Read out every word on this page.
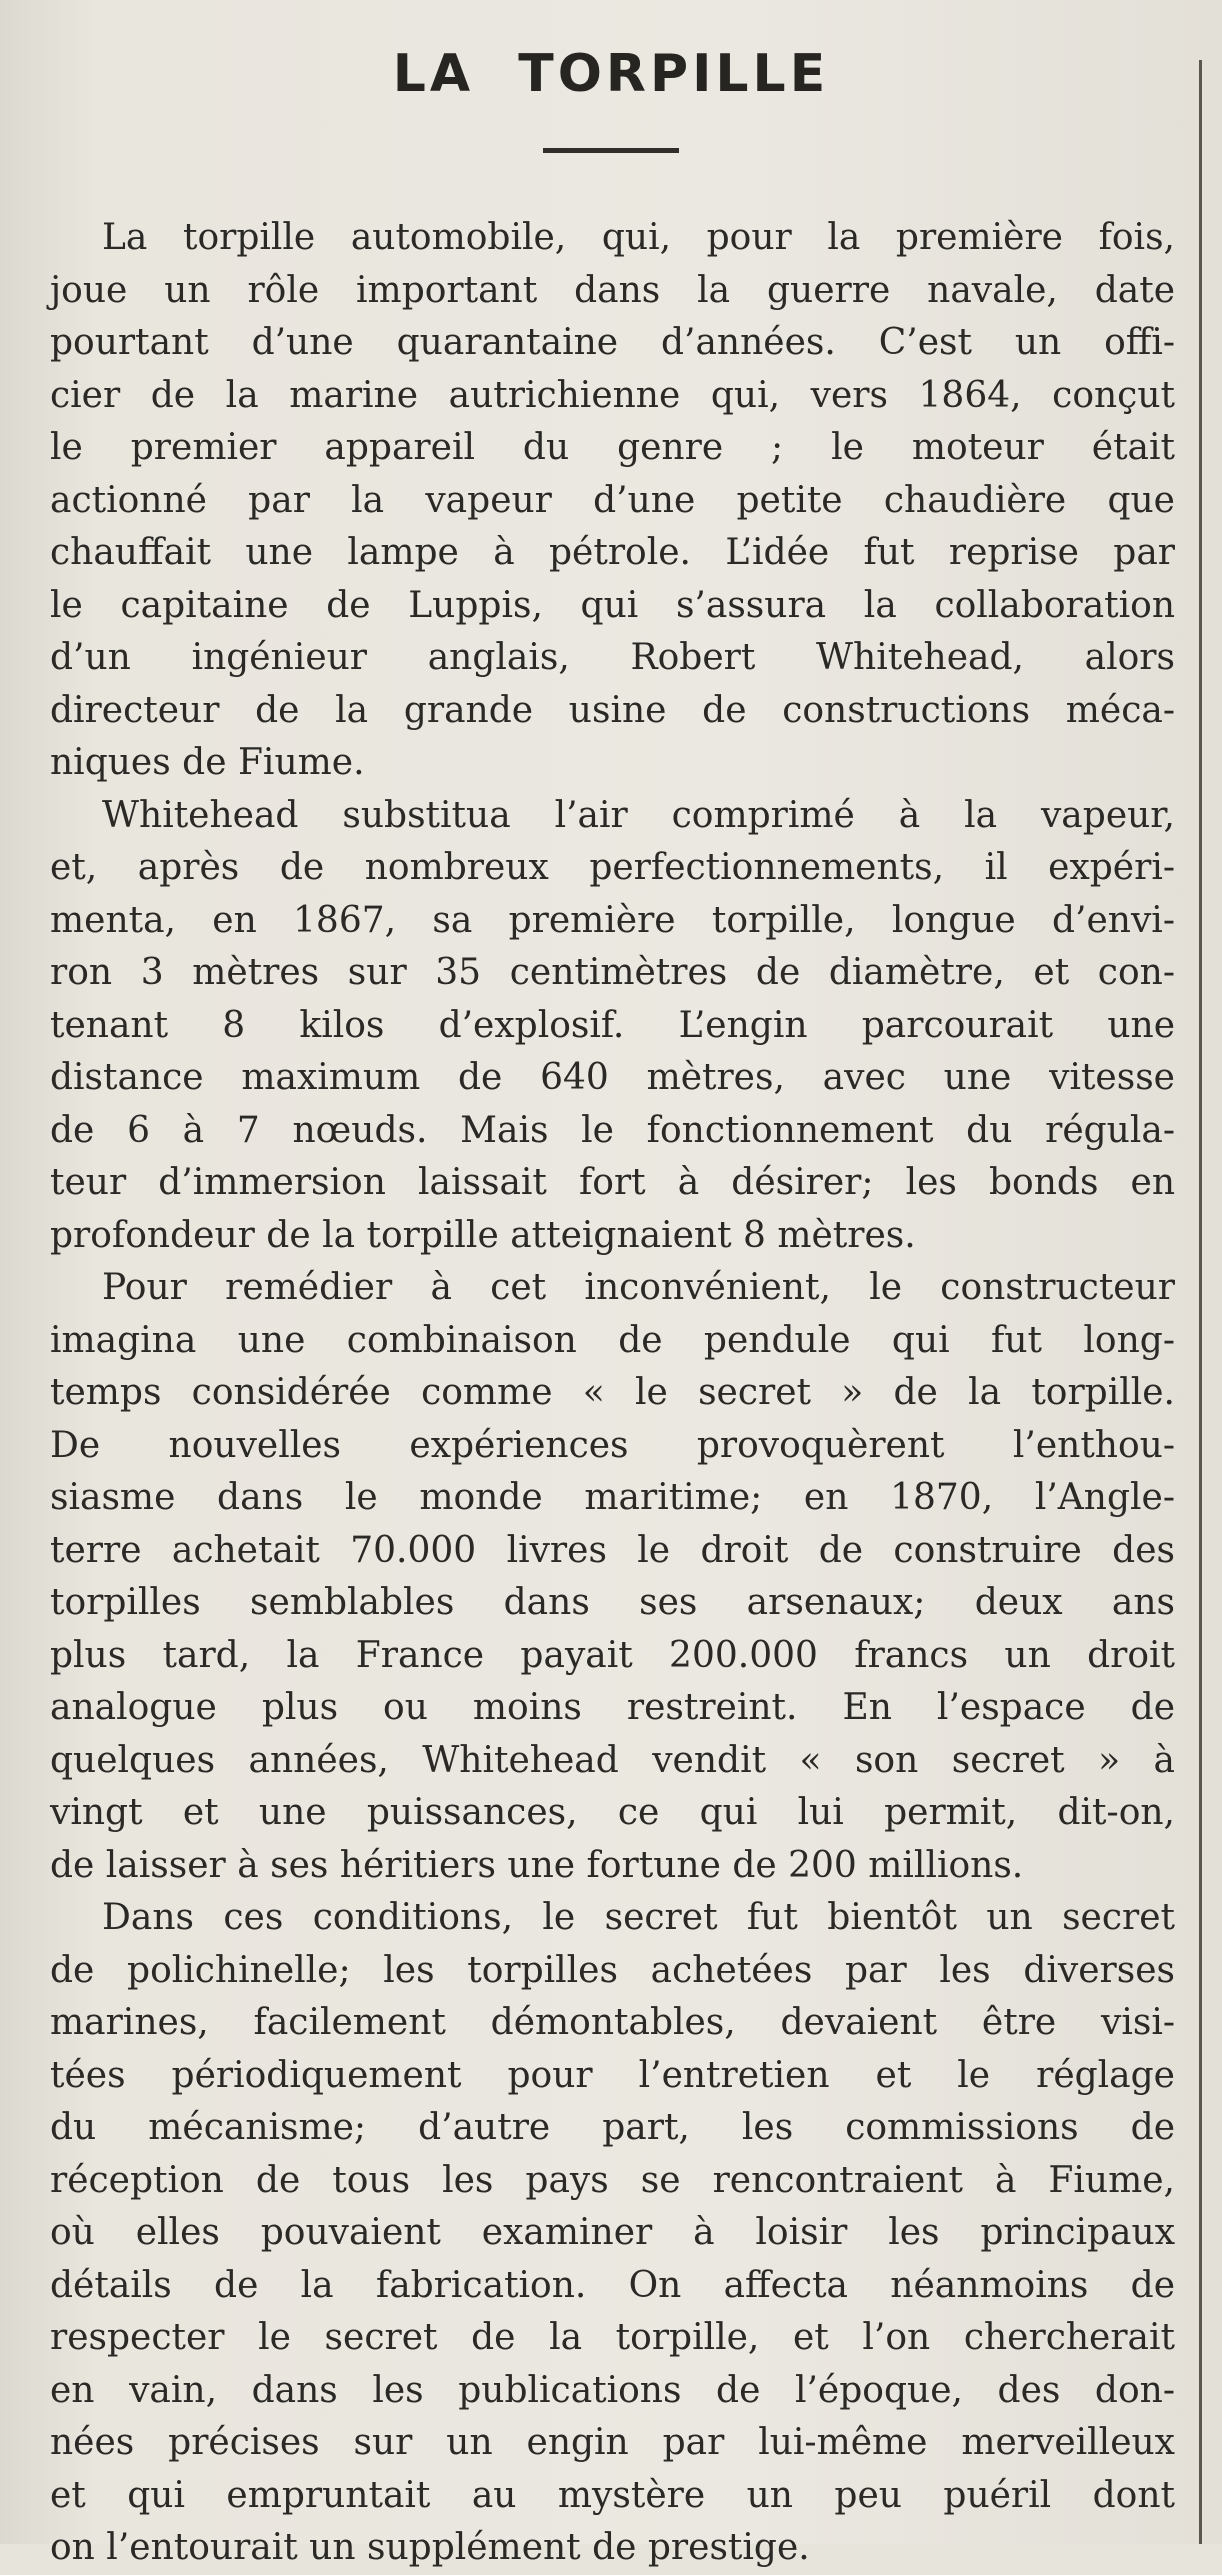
LA TORPILLE
La torpille automobile, qui, pour la première fois,
joue un rôle important dans la guerre navale, date
pourtant d’une quarantaine d’années. C’est un offi-
cier de la marine autrichienne qui, vers 1864, conçut
le premier appareil du genre ; le moteur était
actionné par la vapeur d’une petite chaudière que
chauffait une lampe à pétrole. L’idée fut reprise par
le capitaine de Luppis, qui s’assura la collaboration
d’un ingénieur anglais, Robert Whitehead, alors
directeur de la grande usine de constructions méca-
niques de Fiume.
Whitehead substitua l’air comprimé à la vapeur,
et, après de nombreux perfectionnements, il expéri-
menta, en 1867, sa première torpille, longue d’envi-
ron 3 mètres sur 35 centimètres de diamètre, et con-
tenant 8 kilos d’explosif. L’engin parcourait une
distance maximum de 640 mètres, avec une vitesse
de 6 à 7 nœuds. Mais le fonctionnement du régula-
teur d’immersion laissait fort à désirer; les bonds en
profondeur de la torpille atteignaient 8 mètres.
Pour remédier à cet inconvénient, le constructeur
imagina une combinaison de pendule qui fut long-
temps considérée comme « le secret » de la torpille.
De nouvelles expériences provoquèrent l’enthou-
siasme dans le monde maritime; en 1870, l’Angle-
terre achetait 70.000 livres le droit de construire des
torpilles semblables dans ses arsenaux; deux ans
plus tard, la France payait 200.000 francs un droit
analogue plus ou moins restreint. En l’espace de
quelques années, Whitehead vendit « son secret » à
vingt et une puissances, ce qui lui permit, dit-on,
de laisser à ses héritiers une fortune de 200 millions.
Dans ces conditions, le secret fut bientôt un secret
de polichinelle; les torpilles achetées par les diverses
marines, facilement démontables, devaient être visi-
tées périodiquement pour l’entretien et le réglage
du mécanisme; d’autre part, les commissions de
réception de tous les pays se rencontraient à Fiume,
où elles pouvaient examiner à loisir les principaux
détails de la fabrication. On affecta néanmoins de
respecter le secret de la torpille, et l’on chercherait
en vain, dans les publications de l’époque, des don-
nées précises sur un engin par lui-même merveilleux
et qui empruntait au mystère un peu puéril dont
on l’entourait un supplément de prestige.
